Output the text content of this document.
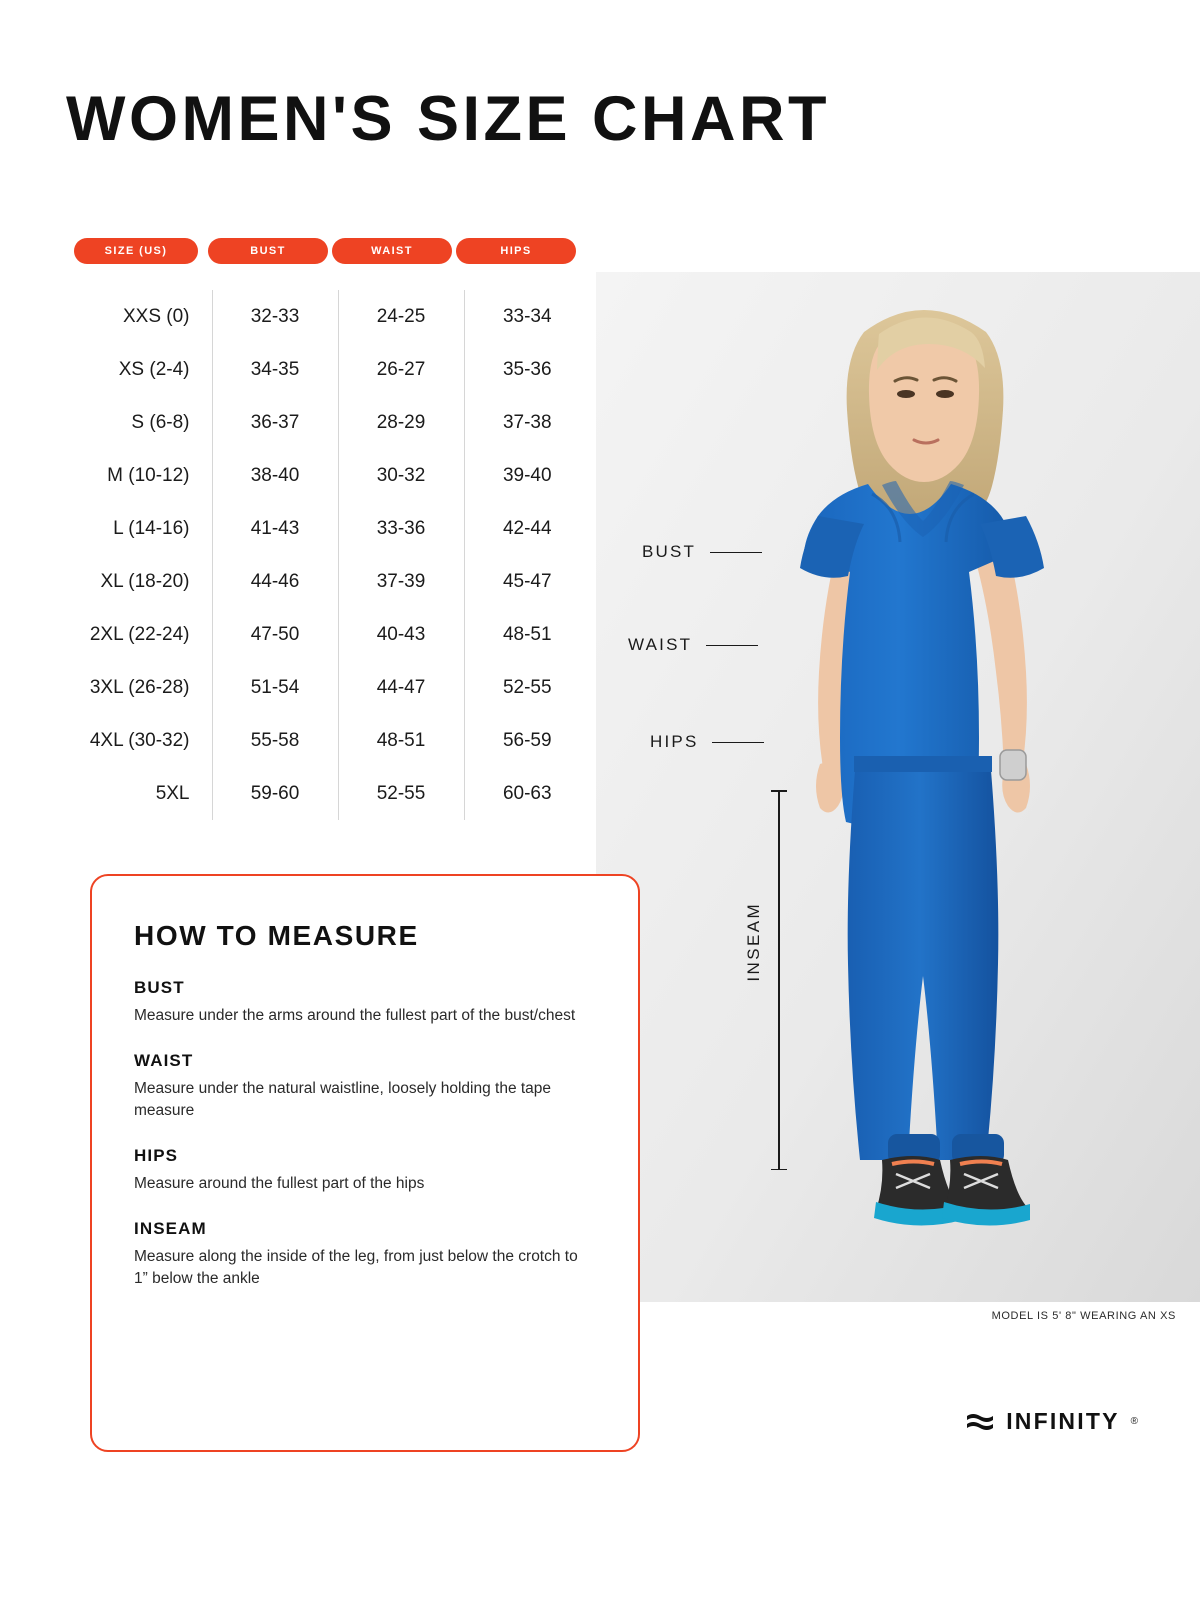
WOMEN'S SIZE CHART
BUST
WAIST
HIPS
INSEAM
MODEL IS 5' 8" WEARING AN XS
SIZE (US)	BUST	WAIST	HIPS
XXS (0)	32-33	24-25	33-34
XS (2-4)	34-35	26-27	35-36
S (6-8)	36-37	28-29	37-38
M (10-12)	38-40	30-32	39-40
L (14-16)	41-43	33-36	42-44
XL (18-20)	44-46	37-39	45-47
2XL (22-24)	47-50	40-43	48-51
3XL (26-28)	51-54	44-47	52-55
4XL (30-32)	55-58	48-51	56-59
5XL	59-60	52-55	60-63
HOW TO MEASURE
BUST

Measure under the arms around the fullest part of the bust/chest

WAIST

Measure under the natural waistline, loosely holding the tape measure

HIPS

Measure around the fullest part of the hips

INSEAM

Measure along the inside of the leg, from just below the crotch to 1” below the ankle

INFINITY ®
